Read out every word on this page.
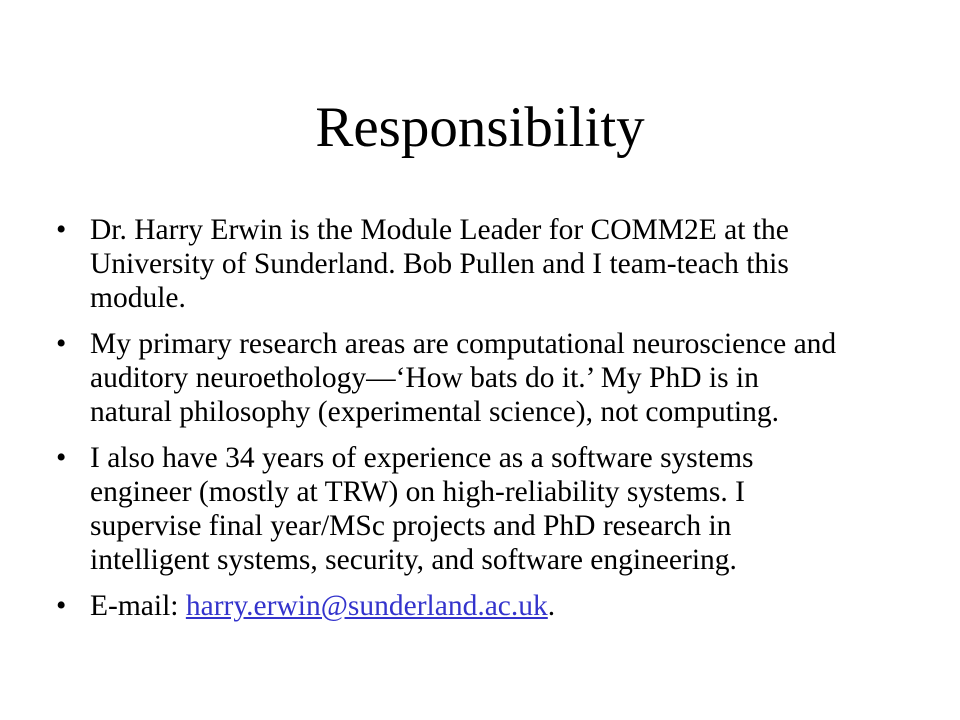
Responsibility
• Dr. Harry Erwin is the Module Leader for COMM2E at the
University of Sunderland. Bob Pullen and I team-teach this
module.
• My primary research areas are computational neuroscience and
auditory neuroethology—‘How bats do it.’ My PhD is in
natural philosophy (experimental science), not computing.
• I also have 34 years of experience as a software systems
engineer (mostly at TRW) on high-reliability systems. I
supervise final year/MSc projects and PhD research in
intelligent systems, security, and software engineering.
• E-mail: harry.erwin@sunderland.ac.uk.
